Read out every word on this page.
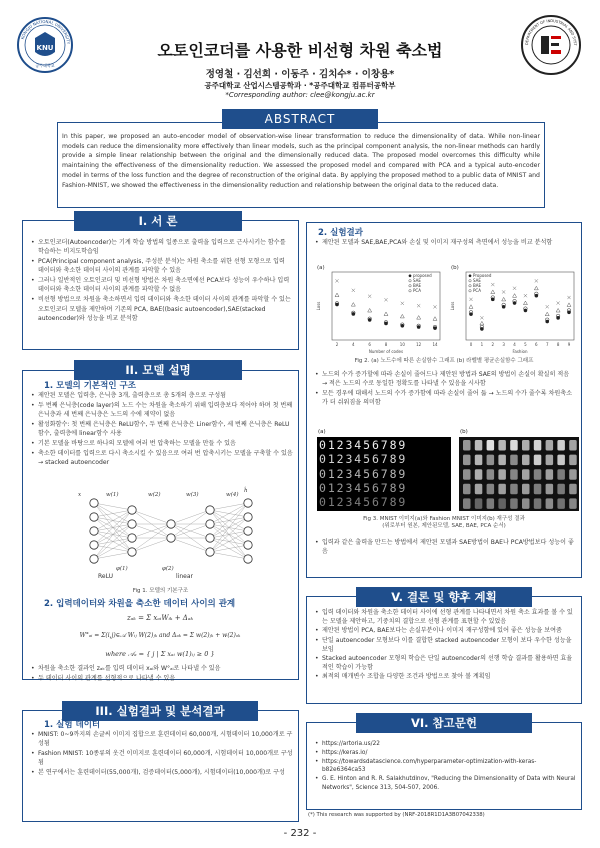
KNU
KONGJU NATIONAL UNIVERSITY
공주대학교
DEPARTMENT OF INDUSTRIAL AND SYST
오토인코더를 사용한 비선형 차원 축소법
정영철 · 김선희 · 이동주 · 김치수* · 이창용*
공주대학교 산업시스템공학과 · *공주대학교 컴퓨터공학부
*Corresponding author: clee@kongju.ac.kr
In this paper, we proposed an auto-encoder model of observation-wise linear transformation to reduce the dimensionality of data. While non-linear models can reduce the dimensionality more effectively than linear models, such as the principal component analysis, the non-linear methods can hardly provide a simple linear relationship between the original and the dimensionally reduced data. The proposed model overcomes this difficulty while maintaining the effectiveness of the dimensionality reduction. We assessed the proposed model and compared with PCA and a typical auto-encoder model in terms of the loss function and the degree of reconstruction of the original data. By applying the proposed method to a public data of MNIST and Fashion-MNIST, we showed the effectiveness in the dimensionality reduction and relationship between the original data to the reduced data.
ABSTRACT
I. 서 론
• 오토인코더(Autoencoder)는 기계 학습 방법의 일종으로 출력을 입력으로 근사시키는 함수를 학습하는 비지도학습임
• PCA(Principal component analysis, 주성분 분석)는 차원 축소를 위한 선형 모형으로 입력 데이터와 축소한 데이터 사이의 관계를 파악할 수 있음
• 그러나 일반적인 오토인코더 및 비선형 방법은 차원 축소면에선 PCA보다 성능이 우수하나 입력 데이터와 축소한 데이터 사이의 관계를 파악할 수 없음
• 비선형 방법으로 차원을 축소하면서 입력 데이터와 축소한 데이터 사이의 관계를 파악할 수 있는 오토인코더 모델을 제안하며 기존의 PCA, BAE((basic autoencoder),SAE(stacked autoencoder)와 성능을 비교 분석함
II. 모델 설명
1. 모델의 기본적인 구조
• 제안된 모델은 입력층, 은닉층 3개, 출력층으로 총 5개의 층으로 구성됨
• 두 번째 은닉층(code layer)의 노드 수는 차원을 축소하기 위해 입력층보다 적어야 하며 첫 번째 은닉층과 세 번째 은닉층은 노드의 수에 제약이 없음
• 활성화함수: 첫 번째 은닉층은 ReLU함수, 두 번째 은닉층은 Liner함수, 세 번째 은닉층은 ReLU함수, 출력층에 linear함수 사용
• 기본 모델을 바탕으로 하나의 모델에 여러 번 압축하는 모델을 만들 수 있음
• 축소한 데이터를 입력으로 다시 축소시킬 수 있음으로 여러 번 압축시키는 모델을 구축할 수 있음 → stacked autoencoder
linear
ReLU
x	w(1)	w(2)	w(3)	w(4)
ĥ
φ(1)	φ(2)
Fig 1. 모델의 기본구조
2. 입력데이터와 차원을 축소한 데이터 사이의 관계
zₐₖ = Σ xₐᵢWᵢₖ + Δₐₖ
W°ₐᵢ = Σ(i,j)∈𝒜 Wᵢⱼ W(2)ⱼₖ and Δₐₖ = Σ w(2)ⱼₖ + w(2)ₒₖ
where 𝒜ₐ = { j | Σ xₐᵢ w(1)ᵢⱼ ≥ 0 }
• 차원을 축소한 결과인 zₐₖ를 입력 데이터 xₐᵢ와 W°ₐᵢ로 나타낼 수 있음
• 두 데이터 사이의 관계를 선형적으로 나타낼 수 있음
III. 실험결과 및 분석결과
1. 실험 데이터
• MNIST: 0~9까지의 손글씨 이미지 집합으로 훈련데이터 60,000개, 시험데이터 10,000개로 구성됨
• Fashion MNIST: 10종류의 옷건 이미지로 훈련데이터 60,000개, 시험데이터 10,000개로 구성됨
• 본 연구에서는 훈련데이터(55,000개), 검증데이터(5,000개), 시험데이터(10,000개)로 구성
2. 실험결과
• 제안된 모델과 SAE,BAE,PCA와 손실 및 이미지 재구성의 측면에서 성능을 비교 분석함
(a)
2	4	6	8	10	12	14
Number of codes
Loss
proposed
SAE
BAE
PCA
(b)
0 1 2 3 4 5 6 7 8 9
Fashion
Loss
Proposed
SAE
BAE
PCA
Fig 2. (a) 노드수에 따른 손실함수 그래프 (b) 라벨별 평균손실함수 그래프
• 노드의 수가 증가할에 따라 손실이 줄어드나 제안된 방법과 SAE의 방법이 손실이 확실히 적음 → 적은 노드의 수로 동일한 정확도를 나타낼 수 있음을 시사함
• 모든 경우에 대해서 노드의 수가 증가함에 따라 손실이 줄어 듦 → 노드의 수가 줄수록 차원축소가 더 쉬워짐을 의미함
(a)	(b)
0123456789
0123456789
0123456789
0123456789
0123456789
Fig 3. MNIST 이미지(a)와 Fashion MNIST 이미지(b) 재구성 결과
(위로부터 원본, 제안된모델, SAE, BAE, PCA 순서)
• 입력과 같은 출력을 만드는 방법에서 제안된 모델과 SAE방법이 BAE나 PCA방법보다 성능이 좋음
V. 결론 및 향후 계획
• 입력 데이터와 차원을 축소한 데이터 사이에 선형 관계를 나타내면서 차원 축소 효과를 볼 수 있는 모델을 제안하고, 기중치의 결합으로 선형 관계를 표현할 수 있었음
• 제안된 방법이 PCA, BAE보다는 손실부분이나 이미지 재구성함에 있어 좋은 성능을 보여줌
• 단일 autoencoder 모형보다 이를 결합한 stacked autoencoder 모형이 보다 우수한 성능을 보임
• Stacked autoencoder 모형의 학습은 단일 autoencoder의 선행 학습 결과를 활용하면 효율적인 학습이 가능함
• 최적의 매개변수 조합을 다양한 조건과 방법으로 찾아 볼 계획임
VI. 참고문헌
• https://artoria.us/22
• https://keras.io/
• https://towardsdatascience.com/hyperparameter-optimization-with-keras-b82e6364ca53
• G. E. Hinton and R. R. Salakhutdinov, "Reducing the Dimensionality of Data with Neural Networks", Science 313, 504-507, 2006.
(*) This research was supported by (NRF-2018R1D1A3B07042338)
- 232 -
